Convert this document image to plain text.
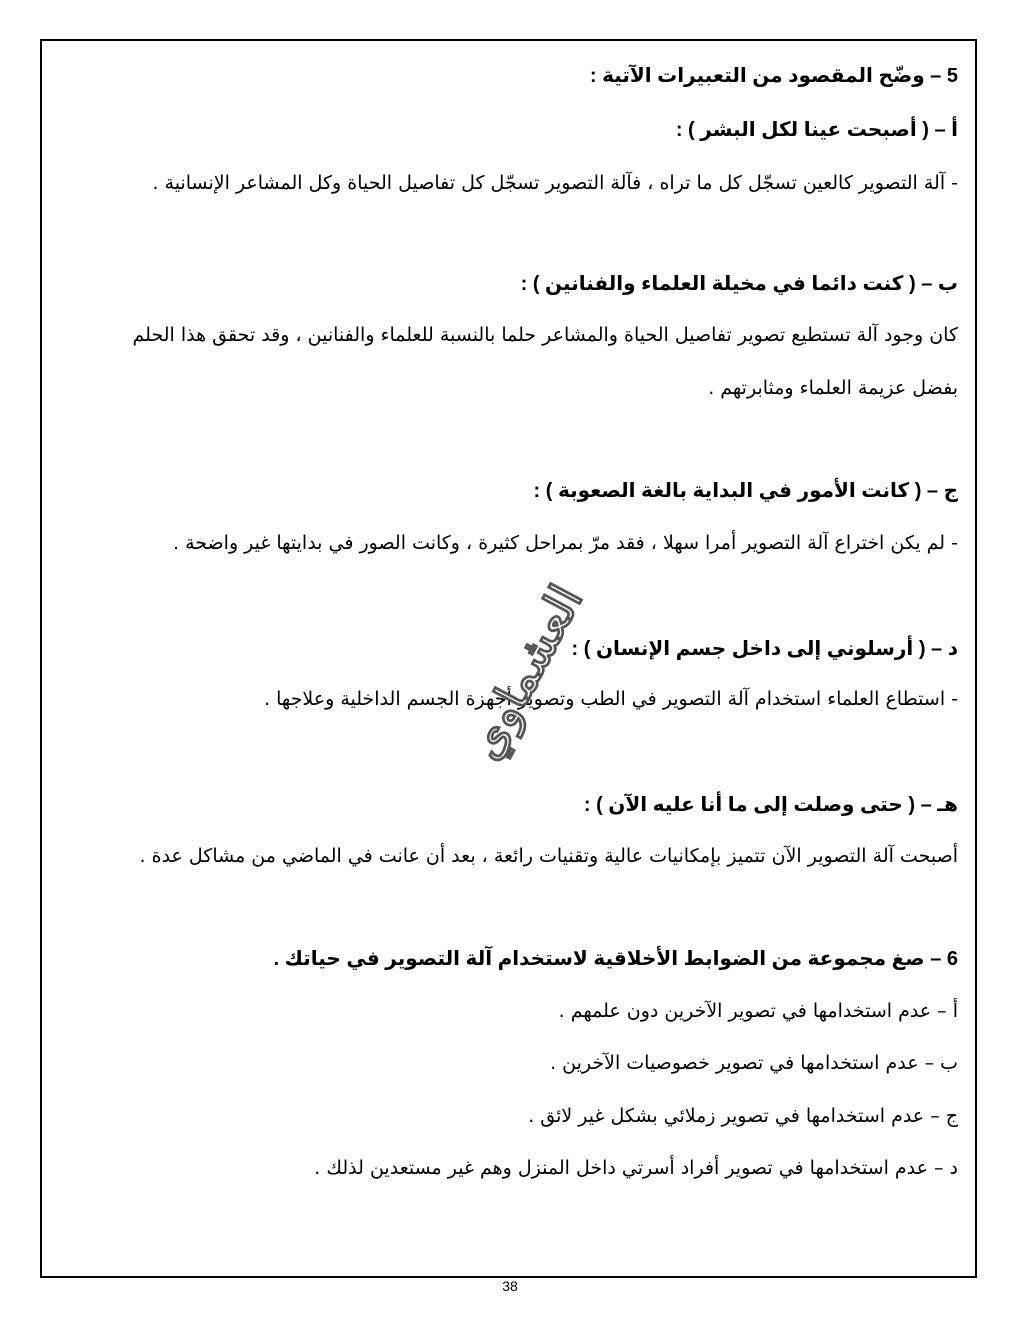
5 – وضّح المقصود من التعبيرات الآتية :
أ – ( أصبحت عينا لكل البشر ) :
- آلة التصوير كالعين تسجّل كل ما تراه ، فآلة التصوير تسجّل كل تفاصيل الحياة وكل المشاعر الإنسانية .
ب – ( كنت دائما في مخيلة العلماء والفنانين ) :
كان وجود آلة تستطيع تصوير تفاصيل الحياة والمشاعر حلما بالنسبة للعلماء والفنانين ، وقد تحقق هذا الحلم
بفضل عزيمة العلماء ومثابرتهم .
ج – ( كانت الأمور في البداية بالغة الصعوبة ) :
- لم يكن اختراع آلة التصوير أمرا سهلا ، فقد مرّ بمراحل كثيرة ، وكانت الصور في بدايتها غير واضحة .
د – ( أرسلوني إلى داخل جسم الإنسان ) :
- استطاع العلماء استخدام آلة التصوير في الطب وتصوير أجهزة الجسم الداخلية وعلاجها .
هـ – ( حتى وصلت إلى ما أنا عليه الآن ) :
أصبحت آلة التصوير الآن تتميز بإمكانيات عالية وتقنيات رائعة ، بعد أن عانت في الماضي من مشاكل عدة .
6 – صغ مجموعة من الضوابط الأخلاقية لاستخدام آلة التصوير في حياتك .
أ – عدم استخدامها في تصوير الآخرين دون علمهم .
ب – عدم استخدامها في تصوير خصوصيات الآخرين .
ج – عدم استخدامها في تصوير زملائي بشكل غير لائق .
د – عدم استخدامها في تصوير أفراد أسرتي داخل المنزل وهم غير مستعدين لذلك .
العشماوي
38
